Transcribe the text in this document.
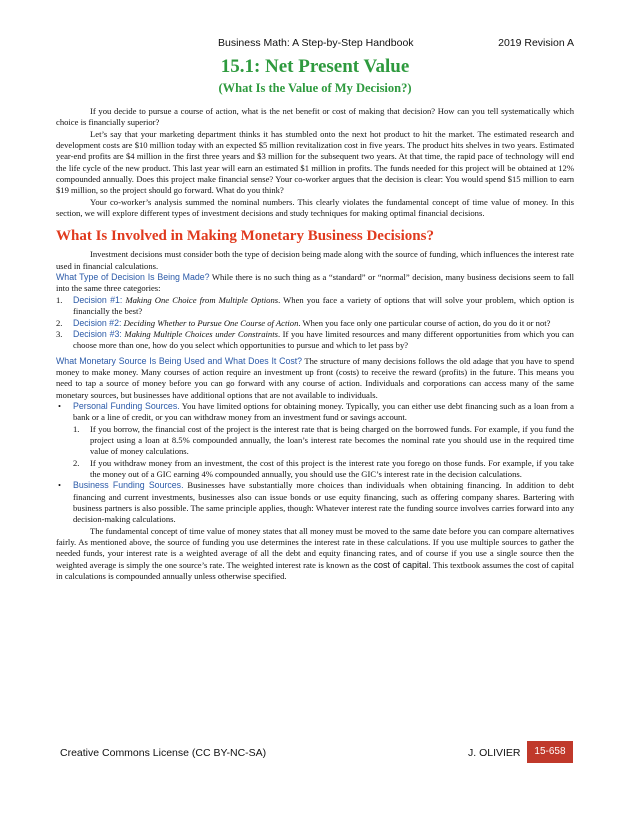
Business Math: A Step-by-Step Handbook	2019 Revision A
15.1: Net Present Value
(What Is the Value of My Decision?)

If you decide to pursue a course of action, what is the net benefit or cost of making that decision? How can you tell systematically which choice is financially superior?

Let’s say that your marketing department thinks it has stumbled onto the next hot product to hit the market. The estimated research and development costs are $10 million today with an expected $5 million revitalization cost in five years. The product hits shelves in two years. Estimated year-end profits are $4 million in the first three years and $3 million for the subsequent two years. At that time, the rapid pace of technology will end the life cycle of the new product. This last year will earn an estimated $1 million in profits. The funds needed for this project will be obtained at 12% compounded annually. Does this project make financial sense? Your co-worker argues that the decision is clear: You would spend $15 million to earn $19 million, so the project should go forward. What do you think?

Your co-worker’s analysis summed the nominal numbers. This clearly violates the fundamental concept of time value of money. In this section, we will explore different types of investment decisions and study techniques for making optimal financial decisions.

What Is Involved in Making Monetary Business Decisions?

Investment decisions must consider both the type of decision being made along with the source of funding, which influences the interest rate used in financial calculations.

What Type of Decision Is Being Made? While there is no such thing as a “standard” or “normal” decision, many business decisions seem to fall into the same three categories:

1. Decision #1: Making One Choice from Multiple Options. When you face a variety of options that will solve your problem, which option is financially the best?
2. Decision #2: Deciding Whether to Pursue One Course of Action. When you face only one particular course of action, do you do it or not?
3. Decision #3: Making Multiple Choices under Constraints. If you have limited resources and many different opportunities from which you can choose more than one, how do you select which opportunities to pursue and which to let pass by?

What Monetary Source Is Being Used and What Does It Cost? The structure of many decisions follows the old adage that you have to spend money to make money. Many courses of action require an investment up front (costs) to receive the reward (profits) in the future. This means you need to tap a source of money before you can go forward with any course of action. Individuals and corporations can access many of the same monetary sources, but businesses have additional options that are not available to individuals.

• Personal Funding Sources. You have limited options for obtaining money. Typically, you can either use debt financing such as a loan from a bank or a line of credit, or you can withdraw money from an investment fund or savings account.
1. If you borrow, the financial cost of the project is the interest rate that is being charged on the borrowed funds. For example, if you fund the project using a loan at 8.5% compounded annually, the loan’s interest rate becomes the nominal rate you should use in the required time value of money calculations.
2. If you withdraw money from an investment, the cost of this project is the interest rate you forego on those funds. For example, if you take the money out of a GIC earning 4% compounded annually, you should use the GIC’s interest rate in the decision calculations.
• Business Funding Sources. Businesses have substantially more choices than individuals when obtaining financing. In addition to debt financing and current investments, businesses also can issue bonds or use equity financing, such as offering company shares. Bartering with business partners is also possible. The same principle applies, though: Whatever interest rate the funding source involves carries forward into any decision-making calculations.

The fundamental concept of time value of money states that all money must be moved to the same date before you can compare alternatives fairly. As mentioned above, the source of funding you use determines the interest rate in these calculations. If you use multiple sources to gather the needed funds, your interest rate is a weighted average of all the debt and equity financing rates, and of course if you use a single source then the weighted average is simply the one source’s rate. The weighted interest rate is known as the cost of capital. This textbook assumes the cost of capital in calculations is compounded annually unless otherwise specified.

Creative Commons License (CC BY-NC-SA)	J. OLIVIER	15-658
